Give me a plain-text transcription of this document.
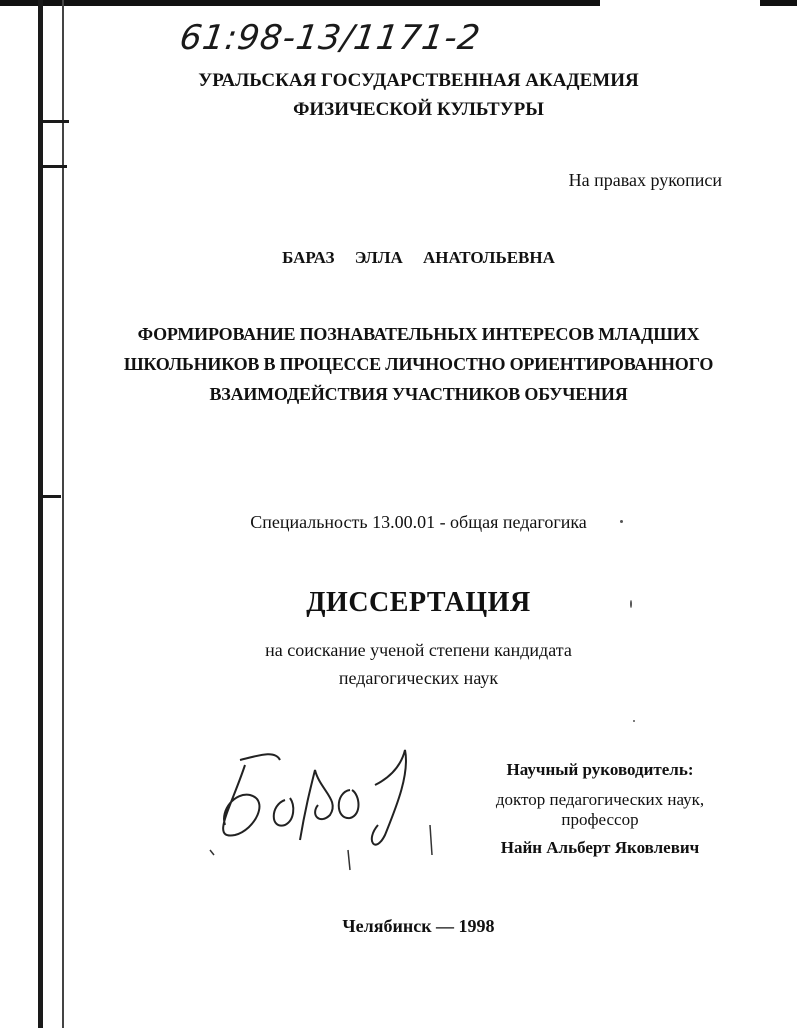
61:98-13/1171-2
УРАЛЬСКАЯ ГОСУДАРСТВЕННАЯ АКАДЕМИЯ
ФИЗИЧЕСКОЙ КУЛЬТУРЫ
На правах рукописи
БАРАЗ ЭЛЛА АНАТОЛЬЕВНА
ФОРМИРОВАНИЕ ПОЗНАВАТЕЛЬНЫХ ИНТЕРЕСОВ МЛАДШИХ
ШКОЛЬНИКОВ В ПРОЦЕССЕ ЛИЧНОСТНО ОРИЕНТИРОВАННОГО
ВЗАИМОДЕЙСТВИЯ УЧАСТНИКОВ ОБУЧЕНИЯ
Специальность 13.00.01 - общая педагогика
ДИССЕРТАЦИЯ
на соискание ученой степени кандидата
педагогических наук
Научный руководитель:
доктор педагогических наук,
профессор
Найн Альберт Яковлевич
Челябинск — 1998
